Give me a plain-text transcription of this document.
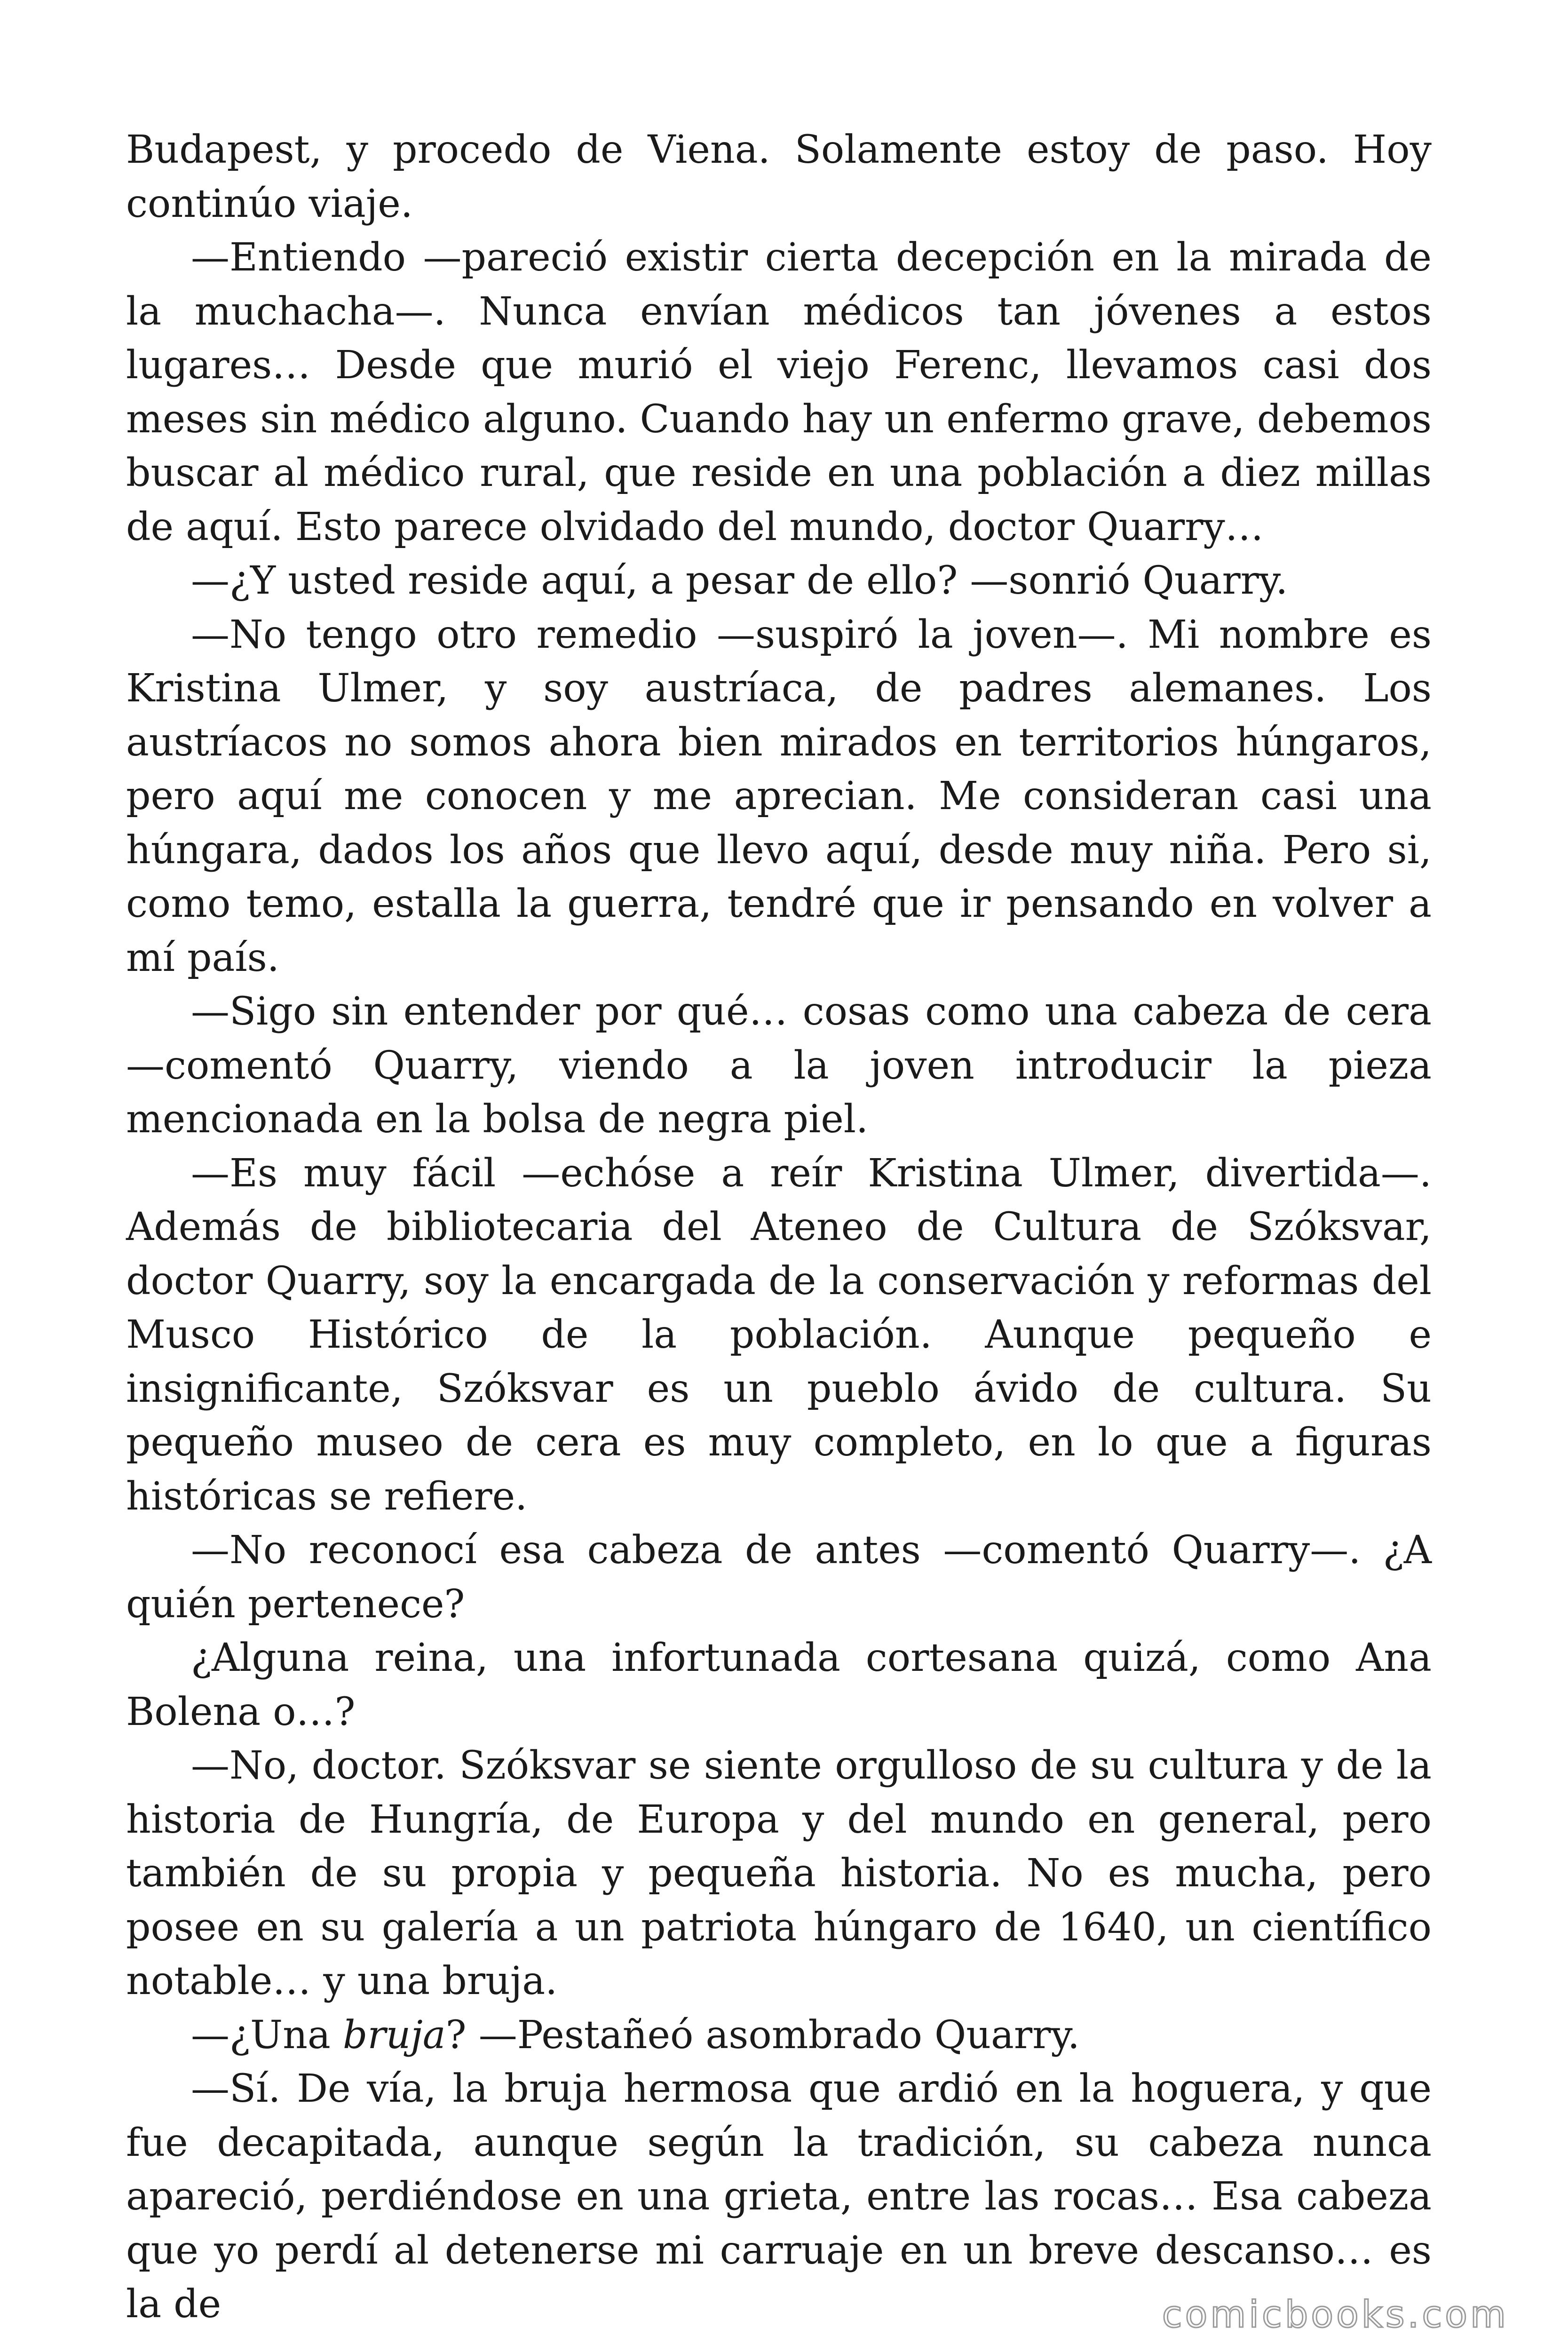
Budapest, y procedo de Viena. Solamente estoy de paso. Hoy continúo viaje.

—Entiendo —pareció existir cierta decepción en la mirada de la muchacha—. Nunca envían médicos tan jóvenes a estos lugares… Desde que murió el viejo Ferenc, llevamos casi dos meses sin médico alguno. Cuando hay un enfermo grave, debemos buscar al médico rural, que reside en una población a diez millas de aquí. Esto parece olvidado del mundo, doctor Quarry…

—¿Y usted reside aquí, a pesar de ello? —sonrió Quarry.

—No tengo otro remedio —suspiró la joven—. Mi nombre es Kristina Ulmer, y soy austríaca, de padres alemanes. Los austríacos no somos ahora bien mirados en territorios húngaros, pero aquí me conocen y me aprecian. Me consideran casi una húngara, dados los años que llevo aquí, desde muy niña. Pero si, como temo, estalla la guerra, tendré que ir pensando en volver a mí país.

—Sigo sin entender por qué… cosas como una cabeza de cera —comentó Quarry, viendo a la joven introducir la pieza mencionada en la bolsa de negra piel.

—Es muy fácil —echóse a reír Kristina Ulmer, divertida—. Además de bibliotecaria del Ateneo de Cultura de Szóksvar, doctor Quarry, soy la encargada de la conservación y reformas del Musco Histórico de la población. Aunque pequeño e insignificante, Szóksvar es un pueblo ávido de cultura. Su pequeño museo de cera es muy completo, en lo que a figuras históricas se refiere.

—No reconocí esa cabeza de antes —comentó Quarry—. ¿A quién pertenece?

¿Alguna reina, una infortunada cortesana quizá, como Ana Bolena o…?

—No, doctor. Szóksvar se siente orgulloso de su cultura y de la historia de Hungría, de Europa y del mundo en general, pero también de su propia y pequeña historia. No es mucha, pero posee en su galería a un patriota húngaro de 1640, un científico notable… y una bruja.

—¿Una bruja? —Pestañeó asombrado Quarry.

—Sí. De vía, la bruja hermosa que ardió en la hoguera, y que fue decapitada, aunque según la tradición, su cabeza nunca apareció, perdiéndose en una grieta, entre las rocas… Esa cabeza que yo perdí al detenerse mi carruaje en un breve descanso… es la de	comicbooks.com
